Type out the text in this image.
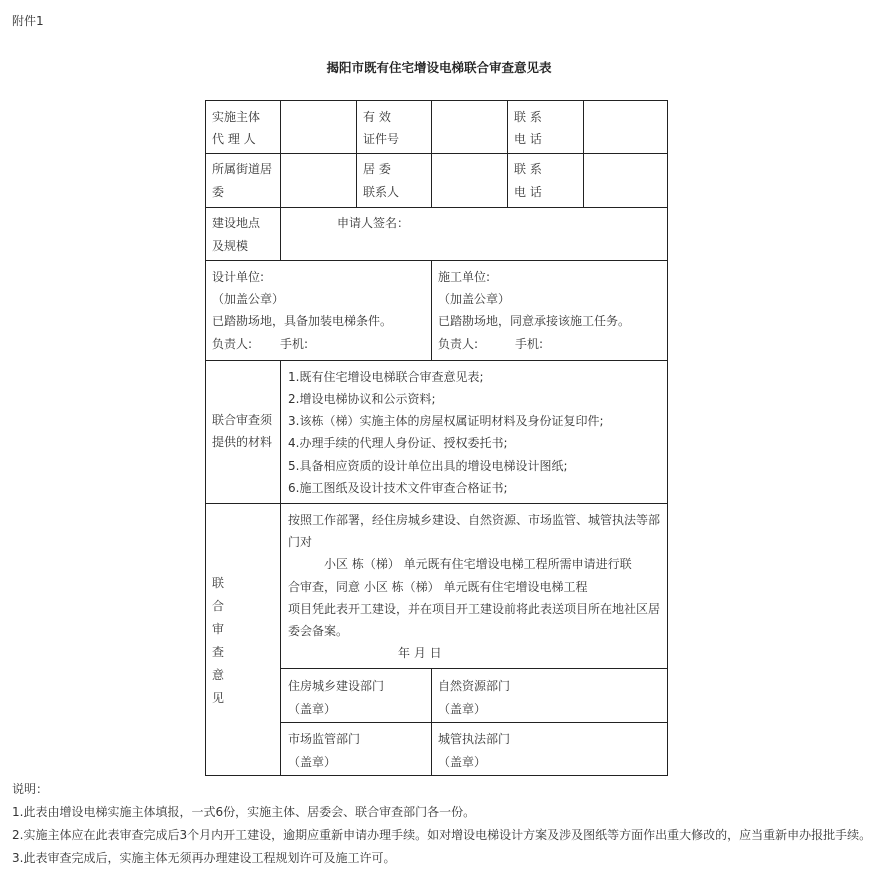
附件1
揭阳市既有住宅增设电梯联合审查意见表
实施主体
代 理 人
有 效
证件号
联 系
电 话
所属街道居
委
居 委
联系人
联 系
电 话
建设地点
及规模
申请人签名：
设计单位:
（加盖公章）
已踏勘场地，具备加装电梯条件。
负责人: 手机:
施工单位:
（加盖公章）
已踏勘场地，同意承接该施工任务。
负责人:	手机:
联合审查须
提供的材料
1.既有住宅增设电梯联合审查意见表;
2.增设电梯协议和公示资料;
3.该栋（梯）实施主体的房屋权属证明材料及身份证复印件;
4.办理手续的代理人身份证、授权委托书;
5.具备相应资质的设计单位出具的增设电梯设计图纸;
6.施工图纸及设计技术文件审查合格证书;
联
合
审
查
意
见
按照工作部署，经住房城乡建设、自然资源、市场监管、城管执法等部
门对
小区 栋（梯） 单元既有住宅增设电梯工程所需申请进行联
合审查，同意 小区 栋（梯） 单元既有住宅增设电梯工程
项目凭此表开工建设，并在项目开工建设前将此表送项目所在地社区居
委会备案。
年 月 日
住房城乡建设部门
（盖章）
自然资源部门
（盖章）
市场监管部门
（盖章）
城管执法部门
（盖章）
说明：
1.此表由增设电梯实施主体填报，一式6份，实施主体、居委会、联合审查部门各一份。
2.实施主体应在此表审查完成后3个月内开工建设，逾期应重新申请办理手续。如对增设电梯设计方案及涉及图纸等方面作出重大修改的，应当重新申办报批手续。
3.此表审查完成后，实施主体无须再办理建设工程规划许可及施工许可。
